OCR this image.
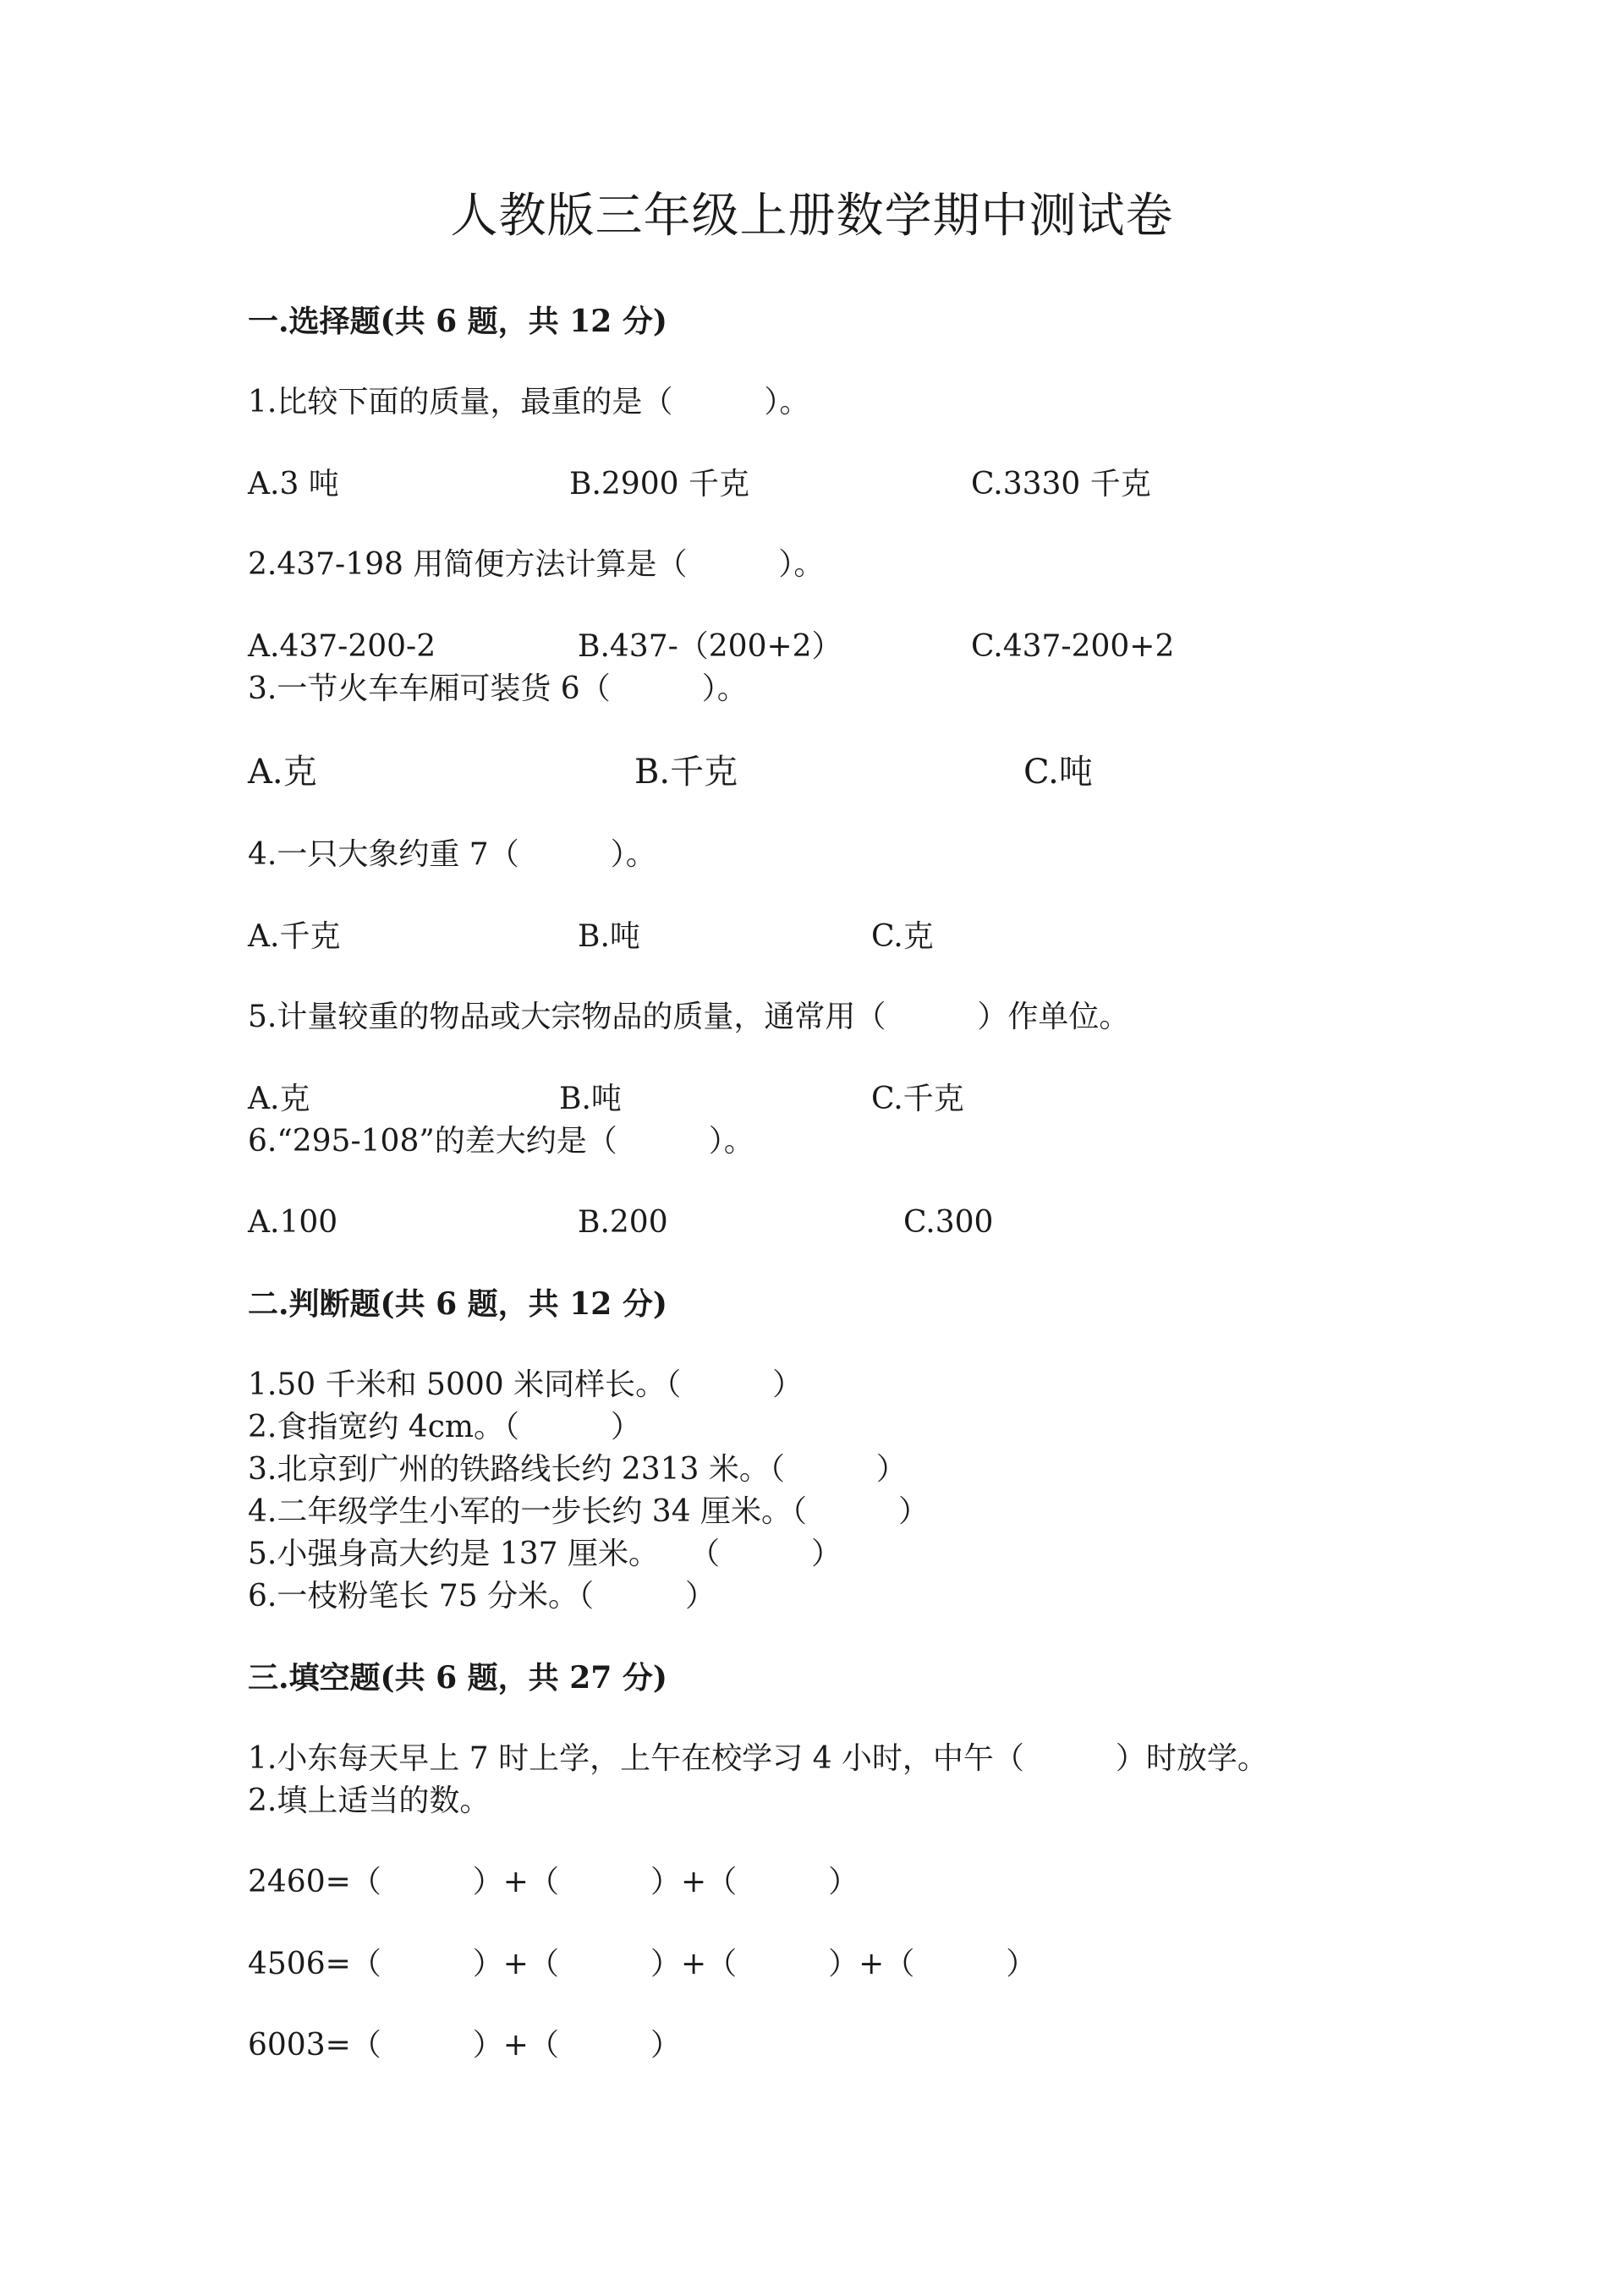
人教版三年级上册数学期中测试卷
一.选择题(共 6 题，共 12 分)
1.比较下面的质量，最重的是（　　　）。
A.3 吨	B.2900 千克	C.3330 千克
2.437-198 用简便方法计算是（　　　）。
A.437-200-2	B.437-（200+2）	C.437-200+2
3.一节火车车厢可装货 6（　　　）。
A.克	B.千克	C.吨
4.一只大象约重 7（　　　）。
A.千克	B.吨	C.克
5.计量较重的物品或大宗物品的质量，通常用（　　　）作单位。
A.克	B.吨	C.千克
6.“295-108”的差大约是（　　　）。
A.100	B.200	C.300
二.判断题(共 6 题，共 12 分)
1.50 千米和 5000 米同样长。（　　　）
2.食指宽约 4cm。（　　　）
3.北京到广州的铁路线长约 2313 米。（　　　）
4.二年级学生小军的一步长约 34 厘米。（　　　）
5.小强身高大约是 137 厘米。　　（　　　）
6.一枝粉笔长 75 分米。（　　　）
三.填空题(共 6 题，共 27 分)
1.小东每天早上 7 时上学，上午在校学习 4 小时，中午（　　　）时放学。
2.填上适当的数。
2460=（　　　）+（　　　）+（　　　）
4506=（　　　）+（　　　）+（　　　）+（　　　）
6003=（　　　）+（　　　）
